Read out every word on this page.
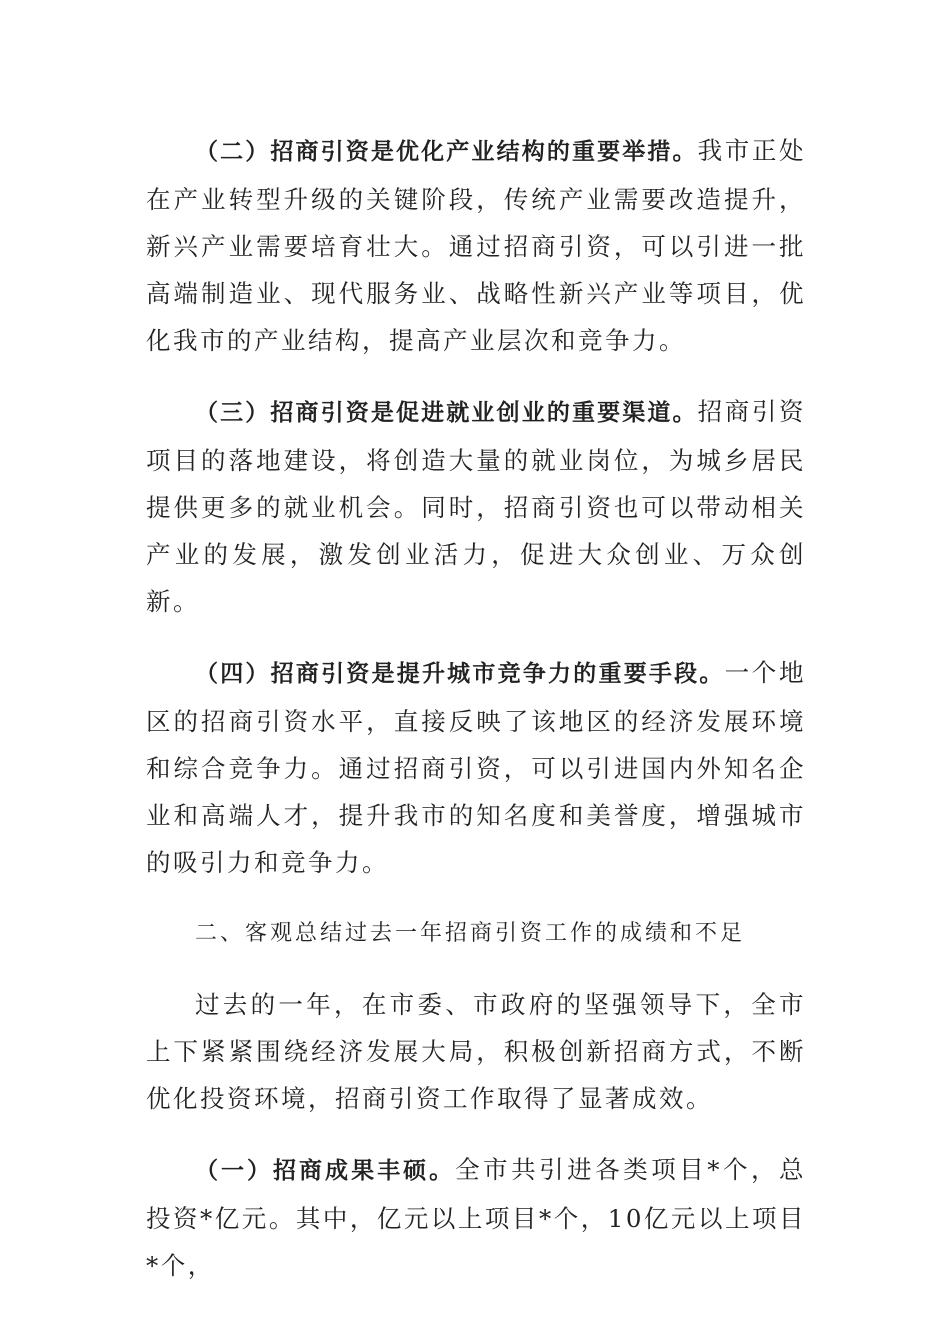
（二）招商引资是优化产业结构的重要举措。我市正处在产业转型升级的关键阶段，传统产业需要改造提升，新兴产业需要培育壮大。通过招商引资，可以引进一批高端制造业、现代服务业、战略性新兴产业等项目，优化我市的产业结构，提高产业层次和竞争力。

（三）招商引资是促进就业创业的重要渠道。招商引资项目的落地建设，将创造大量的就业岗位，为城乡居民提供更多的就业机会。同时，招商引资也可以带动相关产业的发展，激发创业活力，促进大众创业、万众创新。

（四）招商引资是提升城市竞争力的重要手段。一个地区的招商引资水平，直接反映了该地区的经济发展环境和综合竞争力。通过招商引资，可以引进国内外知名企业和高端人才，提升我市的知名度和美誉度，增强城市的吸引力和竞争力。

二、客观总结过去一年招商引资工作的成绩和不足

过去的一年，在市委、市政府的坚强领导下，全市上下紧紧围绕经济发展大局，积极创新招商方式，不断优化投资环境，招商引资工作取得了显著成效。

（一）招商成果丰硕。全市共引进各类项目*个，总投资*亿元。其中，亿元以上项目*个，10亿元以上项目*个，
